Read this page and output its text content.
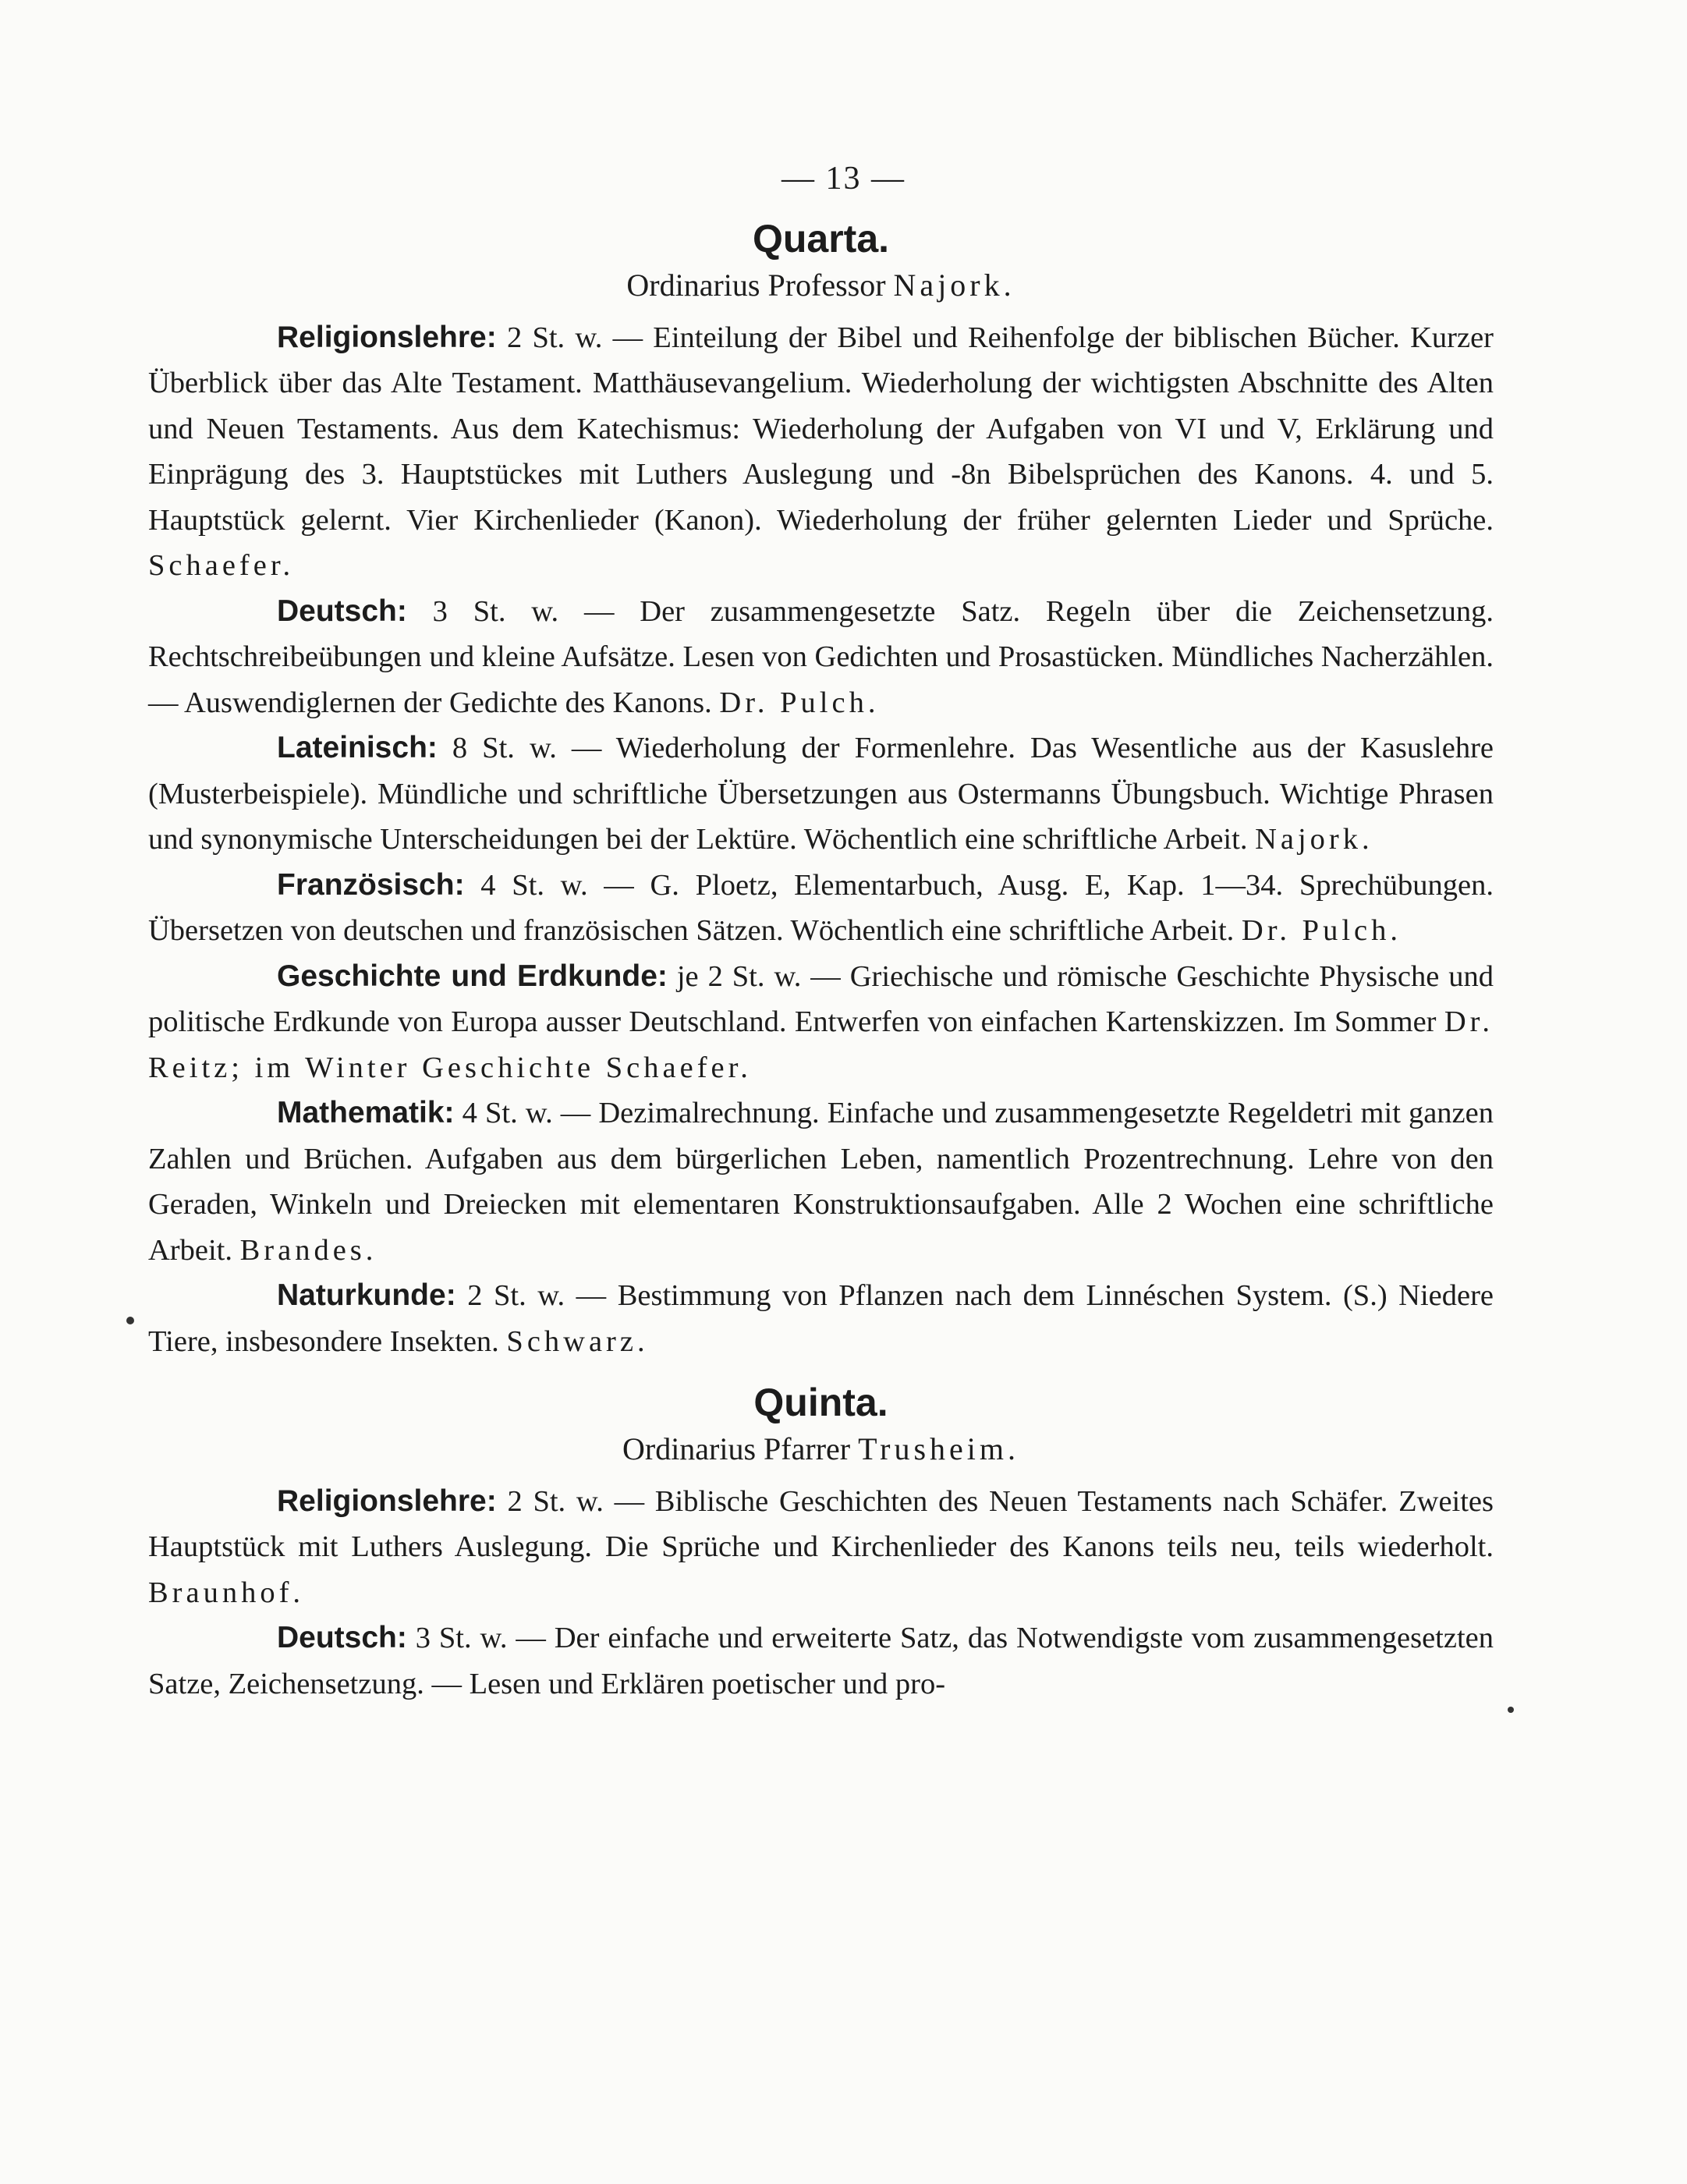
— 13 —
Quarta.

Ordinarius Professor Najork.

Religionslehre: 2 St. w. — Einteilung der Bibel und Reihenfolge der biblischen Bücher. Kurzer Überblick über das Alte Testament. Matthäusevangelium. Wiederholung der wichtigsten Abschnitte des Alten und Neuen Testaments. Aus dem Katechismus: Wiederholung der Aufgaben von VI und V, Erklärung und Einprägung des 3. Hauptstückes mit Luthers Auslegung und -8n Bibelsprüchen des Kanons. 4. und 5. Hauptstück gelernt. Vier Kirchenlieder (Kanon). Wiederholung der früher gelernten Lieder und Sprüche. Schaefer.

Deutsch: 3 St. w. — Der zusammengesetzte Satz. Regeln über die Zeichensetzung. Rechtschreibeübungen und kleine Aufsätze. Lesen von Gedichten und Prosastücken. Mündliches Nacherzählen. — Auswendiglernen der Gedichte des Kanons. Dr. Pulch.

Lateinisch: 8 St. w. — Wiederholung der Formenlehre. Das Wesentliche aus der Kasuslehre (Musterbeispiele). Mündliche und schriftliche Übersetzungen aus Ostermanns Übungsbuch. Wichtige Phrasen und synonymische Unterscheidungen bei der Lektüre. Wöchentlich eine schriftliche Arbeit. Najork.

Französisch: 4 St. w. — G. Ploetz, Elementarbuch, Ausg. E, Kap. 1—34. Sprechübungen. Übersetzen von deutschen und französischen Sätzen. Wöchentlich eine schriftliche Arbeit. Dr. Pulch.

Geschichte und Erdkunde: je 2 St. w. — Griechische und römische Geschichte Physische und politische Erdkunde von Europa ausser Deutschland. Entwerfen von einfachen Kartenskizzen. Im Sommer Dr. Reitz; im Winter Geschichte Schaefer.

Mathematik: 4 St. w. — Dezimalrechnung. Einfache und zusammengesetzte Regeldetri mit ganzen Zahlen und Brüchen. Aufgaben aus dem bürgerlichen Leben, namentlich Prozentrechnung. Lehre von den Geraden, Winkeln und Dreiecken mit elementaren Konstruktionsaufgaben. Alle 2 Wochen eine schriftliche Arbeit. Brandes.

Naturkunde: 2 St. w. — Bestimmung von Pflanzen nach dem Linnéschen System. (S.) Niedere Tiere, insbesondere Insekten. Schwarz.

Quinta.

Ordinarius Pfarrer Trusheim.

Religionslehre: 2 St. w. — Biblische Geschichten des Neuen Testaments nach Schäfer. Zweites Hauptstück mit Luthers Auslegung. Die Sprüche und Kirchenlieder des Kanons teils neu, teils wiederholt. Braunhof.

Deutsch: 3 St. w. — Der einfache und erweiterte Satz, das Notwendigste vom zusammengesetzten Satze, Zeichensetzung. — Lesen und Erklären poetischer und pro-
